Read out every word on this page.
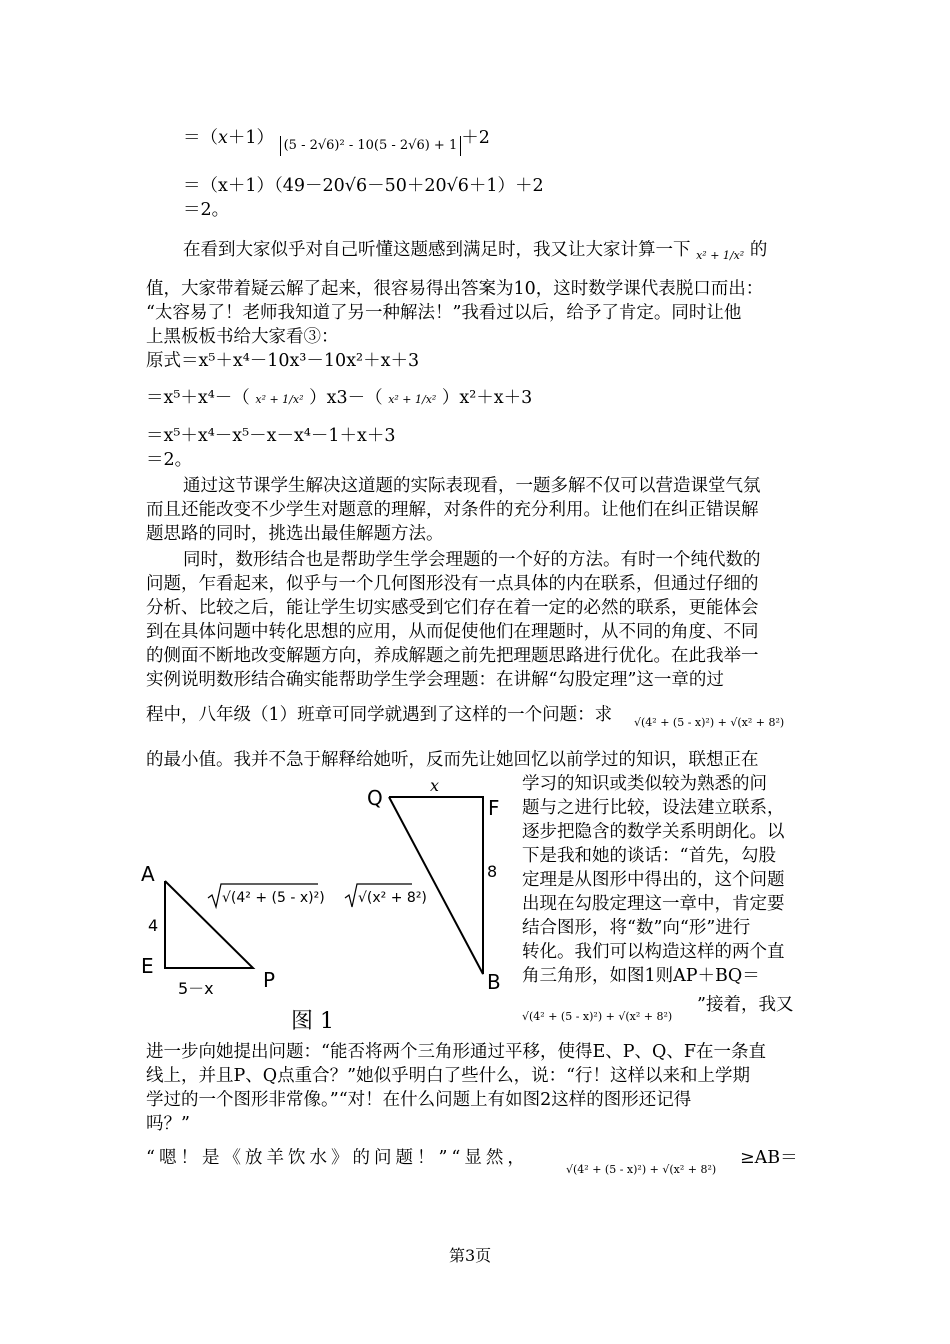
＝（x＋1） (5 - 2√6)² - 10(5 - 2√6) + 1 ＋2
＝（x＋1）（49－20√6－50＋20√6＋1）＋2
＝2。
在看到大家似乎对自己听懂这题感到满足时，我又让大家计算一下 x² + 1/x² 的
值，大家带着疑云解了起来，很容易得出答案为10，这时数学课代表脱口而出：
“太容易了！老师我知道了另一种解法！”我看过以后，给予了肯定。同时让他
上黑板板书给大家看③：
原式＝x⁵＋x⁴－10x³－10x²＋x＋3
＝x⁵＋x⁴－（ x² + 1/x² ）x3－（ x² + 1/x² ）x²＋x＋3
＝x⁵＋x⁴－x⁵－x－x⁴－1＋x＋3
＝2。
通过这节课学生解决这道题的实际表现看，一题多解不仅可以营造课堂气氛
而且还能改变不少学生对题意的理解，对条件的充分利用。让他们在纠正错误解
题思路的同时，挑选出最佳解题方法。
同时，数形结合也是帮助学生学会理题的一个好的方法。有时一个纯代数的
问题，乍看起来，似乎与一个几何图形没有一点具体的内在联系，但通过仔细的
分析、比较之后，能让学生切实感受到它们存在着一定的必然的联系，更能体会
到在具体问题中转化思想的应用，从而促使他们在理题时，从不同的角度、不同
的侧面不断地改变解题方向，养成解题之前先把理题思路进行优化。在此我举一
实例说明数形结合确实能帮助学生学会理题：在讲解“勾股定理”这一章的过
程中，八年级（1）班章可同学就遇到了这样的一个问题：求 √(4² + (5 - x)²) + √(x² + 8²)
的最小值。我并不急于解释给她听，反而先让她回忆以前学过的知识，联想正在
学习的知识或类似较为熟悉的问
题与之进行比较，设法建立联系，
逐步把隐含的数学关系明朗化。以
下是我和她的谈话：“首先，勾股
定理是从图形中得出的，这个问题
出现在勾股定理这一章中，肯定要
结合图形，将“数”向“形”进行
转化。我们可以构造这样的两个直
角三角形，如图1则AP＋BQ＝
√(4² + (5 - x)²) + √(x² + 8²)
”接着，我又
A
4
E
P
5－x
√(4² + (5 - x)²) √(x² + 8²)
Q
x
F
8
B
图 1
进一步向她提出问题：“能否将两个三角形通过平移，使得E、P、Q、F在一条直
线上，并且P、Q点重合？”她似乎明白了些什么，说：“行！这样以来和上学期
学过的一个图形非常像。”“对！在什么问题上有如图2这样的图形还记得
吗？”
“嗯！是《放羊饮水》的问题！”“显然，
√(4² + (5 - x)²) + √(x² + 8²)
≥AB＝
第3页
